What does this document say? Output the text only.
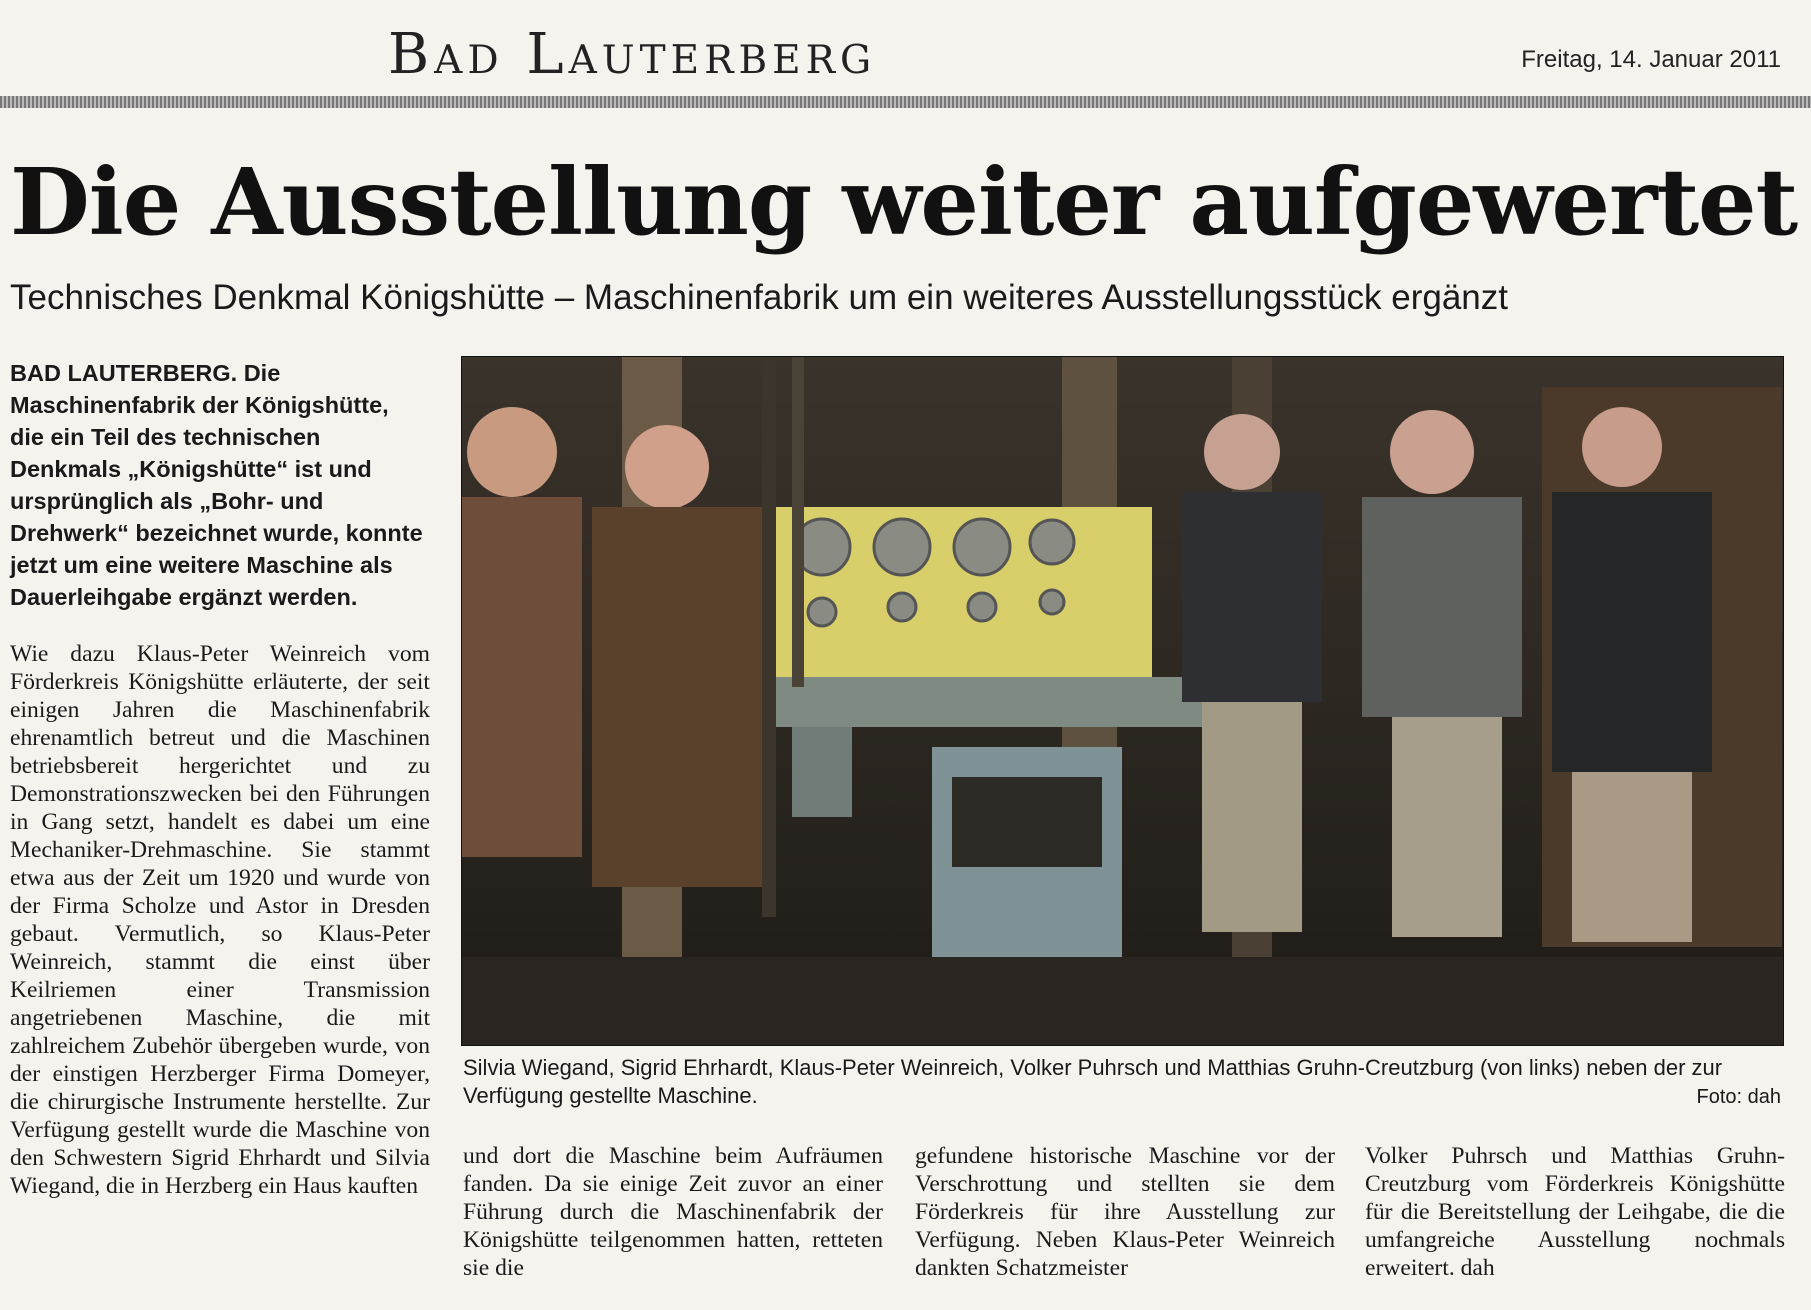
Bad Lauterberg	Freitag, 14. Januar 2011
Die Ausstellung weiter aufgewertet
Technisches Denkmal Königshütte – Maschinenfabrik um ein weiteres Ausstellungsstück ergänzt

BAD LAUTERBERG. Die Maschinenfabrik der Königshütte, die ein Teil des technischen Denkmals „Königshütte“ ist und ursprünglich als „Bohr- und Drehwerk“ bezeichnet wurde, konnte jetzt um eine weitere Maschine als Dauerleihgabe ergänzt werden.

Wie dazu Klaus-Peter Weinreich vom Förderkreis Königshütte erläuterte, der seit einigen Jahren die Maschinenfabrik ehrenamtlich betreut und die Maschinen betriebsbereit hergerichtet und zu Demonstrationszwecken bei den Führungen in Gang setzt, handelt es dabei um eine Mechaniker-Drehmaschine. Sie stammt etwa aus der Zeit um 1920 und wurde von der Firma Scholze und Astor in Dresden gebaut. Vermutlich, so Klaus-Peter Weinreich, stammt die einst über Keilriemen einer Transmission angetriebenen Maschine, die mit zahlreichem Zubehör übergeben wurde, von der einstigen Herzberger Firma Domeyer, die chirurgische Instrumente herstellte. Zur Verfügung gestellt wurde die Maschine von den Schwestern Sigrid Ehrhardt und Silvia Wiegand, die in Herzberg ein Haus kauften

Silvia Wiegand, Sigrid Ehrhardt, Klaus-Peter Weinreich, Volker Puhrsch und Matthias Gruhn-Creutzburg (von links) neben der zur Verfügung gestellte Maschine.	Foto: dah

und dort die Maschine beim Aufräumen fanden. Da sie einige Zeit zuvor an einer Führung durch die Maschinenfabrik der Königshütte teilgenommen hatten, retteten sie die

gefundene historische Maschine vor der Verschrottung und stellten sie dem Förderkreis für ihre Ausstellung zur Verfügung. Neben Klaus-Peter Weinreich dankten Schatzmeister

Volker Puhrsch und Matthias Gruhn-Creutzburg vom Förderkreis Königshütte für die Bereitstellung der Leihgabe, die die umfangreiche Ausstellung nochmals erweitert. dah
